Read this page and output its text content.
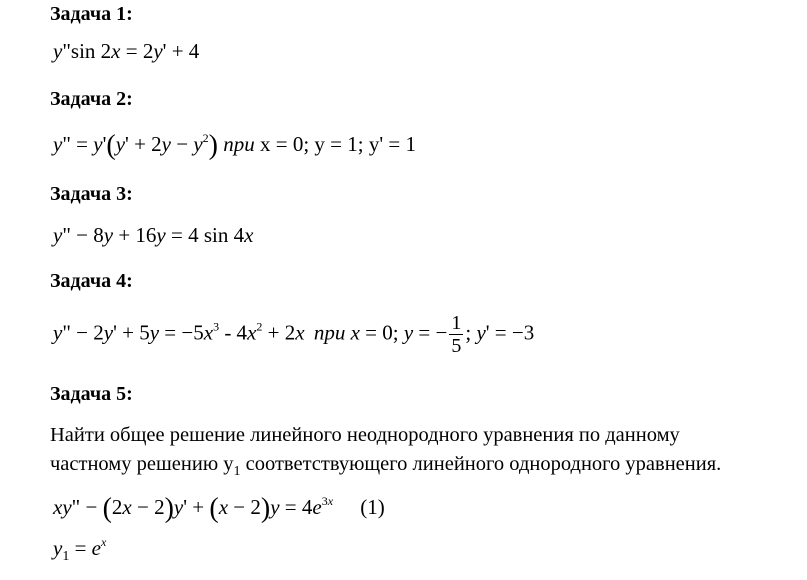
Задача 1:
y"sin 2x = 2y' + 4
Задача 2:
y" = $y'(y' + 2y - y^2)$ при x = 0; y = 1; y' = 1
Задача 3:
y" − 8y + 16y = 4 sin 4x
Задача 4:
y" − $2y' + 5y = -5x^3 - 4x^2 + 2x$ при x = 0; y = − $\frac{1}{5}$ ; y' = −3
Задача 5:
Найти общее решение линейного неоднородного уравнения по данному
частному решению $y_1$ соответствующего линейного однородного уравнения.
xy" − $(2x - 2)y' + (x - 2)y = 4e^{3x}$ (1)
$y_1 = e^x$
